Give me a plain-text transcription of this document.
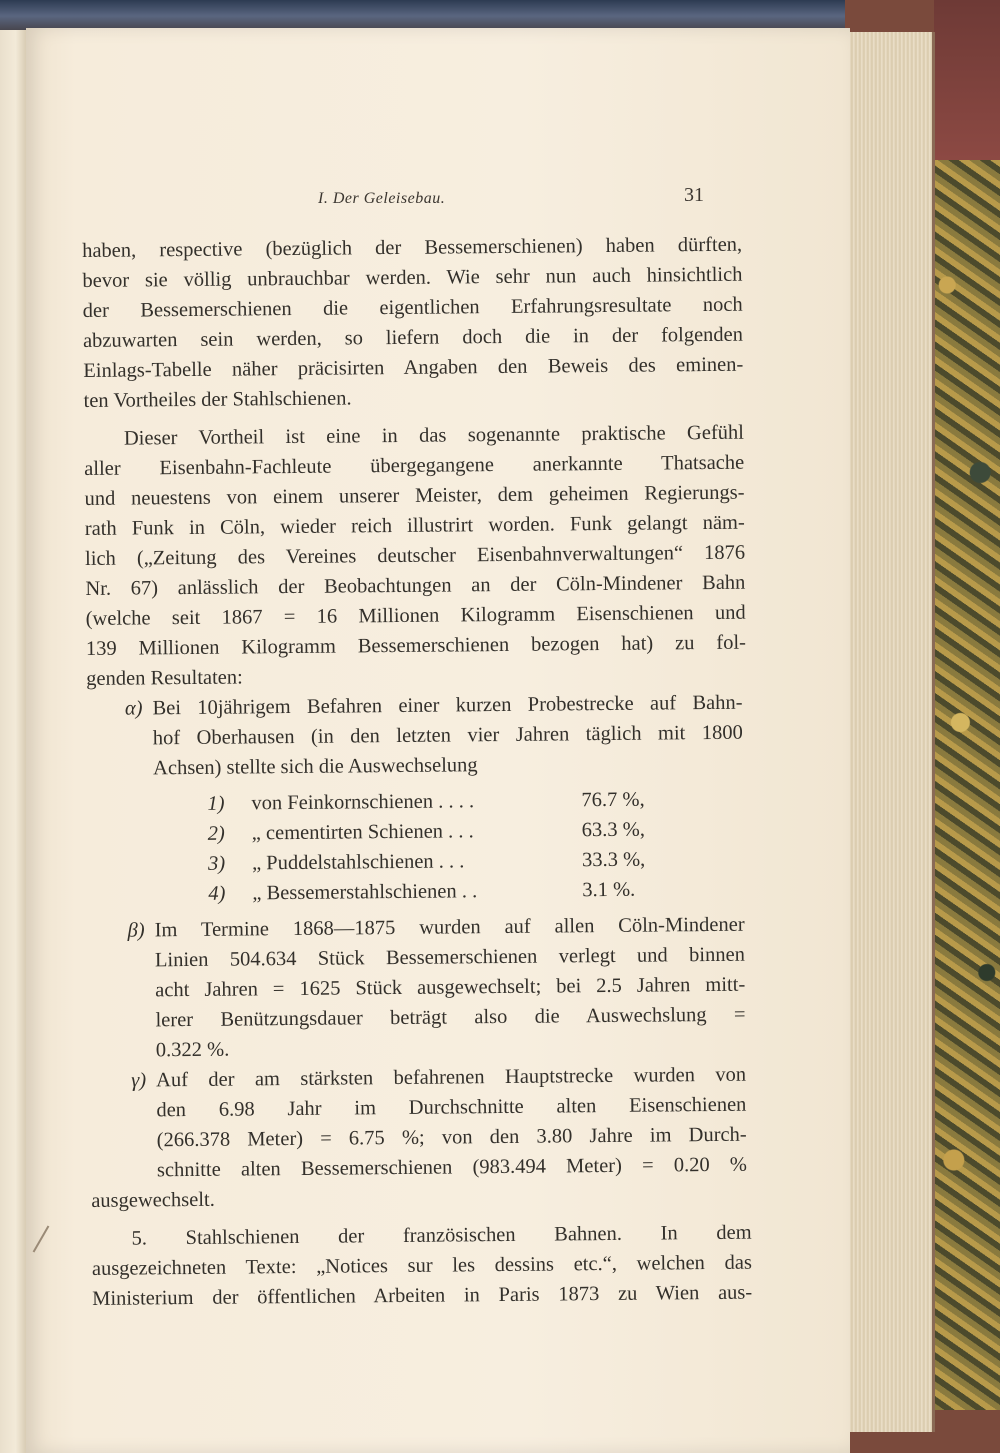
I. Der Geleisebau.	31
haben, respective (bezüglich der Bessemerschienen) haben dürften,
bevor sie völlig unbrauchbar werden. Wie sehr nun auch hinsichtlich
der Bessemerschienen die eigentlichen Erfahrungsresultate noch
abzuwarten sein werden, so liefern doch die in der folgenden
Einlags-Tabelle näher präcisirten Angaben den Beweis des eminen-
ten Vortheiles der Stahlschienen.
Dieser Vortheil ist eine in das sogenannte praktische Gefühl
aller Eisenbahn-Fachleute übergegangene anerkannte Thatsache
und neuestens von einem unserer Meister, dem geheimen Regierungs-
rath Funk in Cöln, wieder reich illustrirt worden. Funk gelangt näm-
lich („Zeitung des Vereines deutscher Eisenbahnverwaltungen“ 1876
Nr. 67) anlässlich der Beobachtungen an der Cöln-Mindener Bahn
(welche seit 1867 = 16 Millionen Kilogramm Eisenschienen und
139 Millionen Kilogramm Bessemerschienen bezogen hat) zu fol-
genden Resultaten:
α) Bei 10jährigem Befahren einer kurzen Probestrecke auf Bahn-
hof Oberhausen (in den letzten vier Jahren täglich mit 1800
Achsen) stellte sich die Auswechselung
1)	von Feinkornschienen . . . .	76.7 %,
2)	„ cementirten Schienen . . .	63.3 %,
3)	„ Puddelstahlschienen . . .	33.3 %,
4)	„ Bessemerstahlschienen . .	3.1 %.
β) Im Termine 1868—1875 wurden auf allen Cöln-Mindener
Linien 504.634 Stück Bessemerschienen verlegt und binnen
acht Jahren = 1625 Stück ausgewechselt; bei 2.5 Jahren mitt-
lerer Benützungsdauer beträgt also die Auswechslung =
0.322 %.
γ) Auf der am stärksten befahrenen Hauptstrecke wurden von
den 6.98 Jahr im Durchschnitte alten Eisenschienen
(266.378 Meter) = 6.75 %; von den 3.80 Jahre im Durch-
schnitte alten Bessemerschienen (983.494 Meter) = 0.20 %
ausgewechselt.
5. Stahlschienen der französischen Bahnen. In dem
ausgezeichneten Texte: „Notices sur les dessins etc.“, welchen das
Ministerium der öffentlichen Arbeiten in Paris 1873 zu Wien aus-
